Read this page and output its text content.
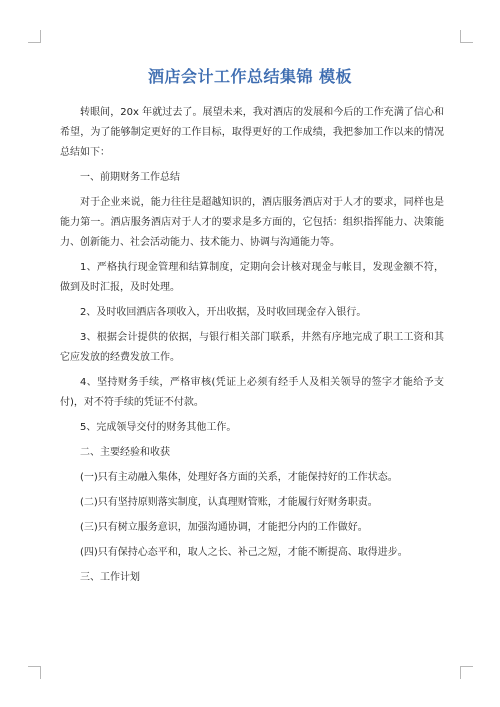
酒店会计工作总结集锦 模板

转眼间，20x 年就过去了。展望未来，我对酒店的发展和今后的工作充满了信心和希望，为了能够制定更好的工作目标，取得更好的工作成绩，我把参加工作以来的情况总结如下：

一、前期财务工作总结

对于企业来说，能力往往是超越知识的，酒店服务酒店对于人才的要求，同样也是能力第一。酒店服务酒店对于人才的要求是多方面的，它包括：组织指挥能力、决策能力、创新能力、社会活动能力、技术能力、协调与沟通能力等。

1、严格执行现金管理和结算制度，定期向会计核对现金与帐目，发现金额不符，做到及时汇报，及时处理。

2、及时收回酒店各项收入，开出收据，及时收回现金存入银行。

3、根据会计提供的依据，与银行相关部门联系，井然有序地完成了职工工资和其它应发放的经费发放工作。

4、坚持财务手续，严格审核(凭证上必须有经手人及相关领导的签字才能给予支付)，对不符手续的凭证不付款。

5、完成领导交付的财务其他工作。

二、主要经验和收获

(一)只有主动融入集体，处理好各方面的关系，才能保持好的工作状态。

(二)只有坚持原则落实制度，认真理财管账，才能履行好财务职责。

(三)只有树立服务意识，加强沟通协调，才能把分内的工作做好。

(四)只有保持心态平和，取人之长、补己之短，才能不断提高、取得进步。

三、工作计划
